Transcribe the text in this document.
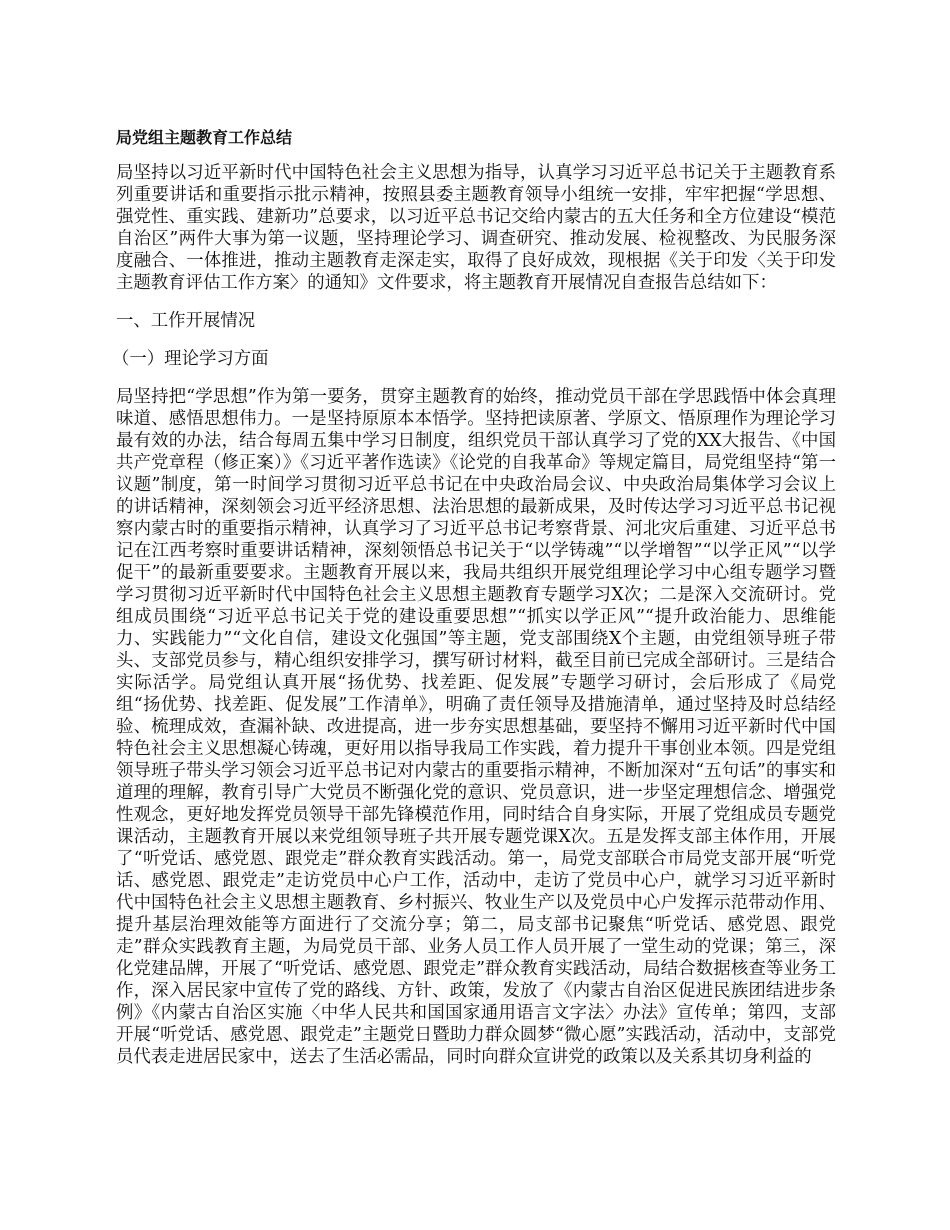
局党组主题教育工作总结

局坚持以习近平新时代中国特色社会主义思想为指导，认真学习习近平总书记关于主题教育系列重要讲话和重要指示批示精神，按照县委主题教育领导小组统一安排，牢牢把握“学思想、强党性、重实践、建新功”总要求，以习近平总书记交给内蒙古的五大任务和全方位建设“模范自治区”两件大事为第一议题，坚持理论学习、调查研究、推动发展、检视整改、为民服务深度融合、一体推进，推动主题教育走深走实，取得了良好成效，现根据《关于印发〈关于印发主题教育评估工作方案〉的通知》文件要求，将主题教育开展情况自查报告总结如下：

一、工作开展情况

（一）理论学习方面

局坚持把“学思想”作为第一要务，贯穿主题教育的始终，推动党员干部在学思践悟中体会真理味道、感悟思想伟力。一是坚持原原本本悟学。坚持把读原著、学原文、悟原理作为理论学习最有效的办法，结合每周五集中学习日制度，组织党员干部认真学习了党的XX大报告、《中国共产党章程（修正案）》《习近平著作选读》《论党的自我革命》等规定篇目，局党组坚持“第一议题”制度，第一时间学习贯彻习近平总书记在中央政治局会议、中央政治局集体学习会议上的讲话精神，深刻领会习近平经济思想、法治思想的最新成果，及时传达学习习近平总书记视察内蒙古时的重要指示精神，认真学习了习近平总书记考察背景、河北灾后重建、习近平总书记在江西考察时重要讲话精神，深刻领悟总书记关于“以学铸魂”“以学增智”“以学正风”“以学促干”的最新重要要求。主题教育开展以来，我局共组织开展党组理论学习中心组专题学习暨学习贯彻习近平新时代中国特色社会主义思想主题教育专题学习X次；二是深入交流研讨。党组成员围绕“习近平总书记关于党的建设重要思想”“抓实以学正风”“提升政治能力、思维能力、实践能力”“文化自信，建设文化强国”等主题，党支部围绕X个主题，由党组领导班子带头、支部党员参与，精心组织安排学习，撰写研讨材料，截至目前已完成全部研讨。三是结合实际活学。局党组认真开展“扬优势、找差距、促发展”专题学习研讨，会后形成了《局党组“扬优势、找差距、促发展”工作清单》，明确了责任领导及措施清单，通过坚持及时总结经验、梳理成效，查漏补缺、改进提高，进一步夯实思想基础，要坚持不懈用习近平新时代中国特色社会主义思想凝心铸魂，更好用以指导我局工作实践，着力提升干事创业本领。四是党组领导班子带头学习领会习近平总书记对内蒙古的重要指示精神，不断加深对“五句话”的事实和道理的理解，教育引导广大党员不断强化党的意识、党员意识，进一步坚定理想信念、增强党性观念，更好地发挥党员领导干部先锋模范作用，同时结合自身实际，开展了党组成员专题党课活动，主题教育开展以来党组领导班子共开展专题党课X次。五是发挥支部主体作用，开展了“听党话、感党恩、跟党走”群众教育实践活动。第一，局党支部联合市局党支部开展“听党话、感党恩、跟党走”走访党员中心户工作，活动中，走访了党员中心户，就学习习近平新时代中国特色社会主义思想主题教育、乡村振兴、牧业生产以及党员中心户发挥示范带动作用、提升基层治理效能等方面进行了交流分享；第二，局支部书记聚焦“听党话、感党恩、跟党走”群众实践教育主题，为局党员干部、业务人员工作人员开展了一堂生动的党课；第三，深化党建品牌，开展了“听党话、感党恩、跟党走”群众教育实践活动，局结合数据核查等业务工作，深入居民家中宣传了党的路线、方针、政策，发放了《内蒙古自治区促进民族团结进步条例》《内蒙古自治区实施〈中华人民共和国国家通用语言文字法〉办法》宣传单；第四，支部开展“听党话、感党恩、跟党走”主题党日暨助力群众圆梦“微心愿”实践活动，活动中，支部党员代表走进居民家中，送去了生活必需品，同时向群众宣讲党的政策以及关系其切身利益的
